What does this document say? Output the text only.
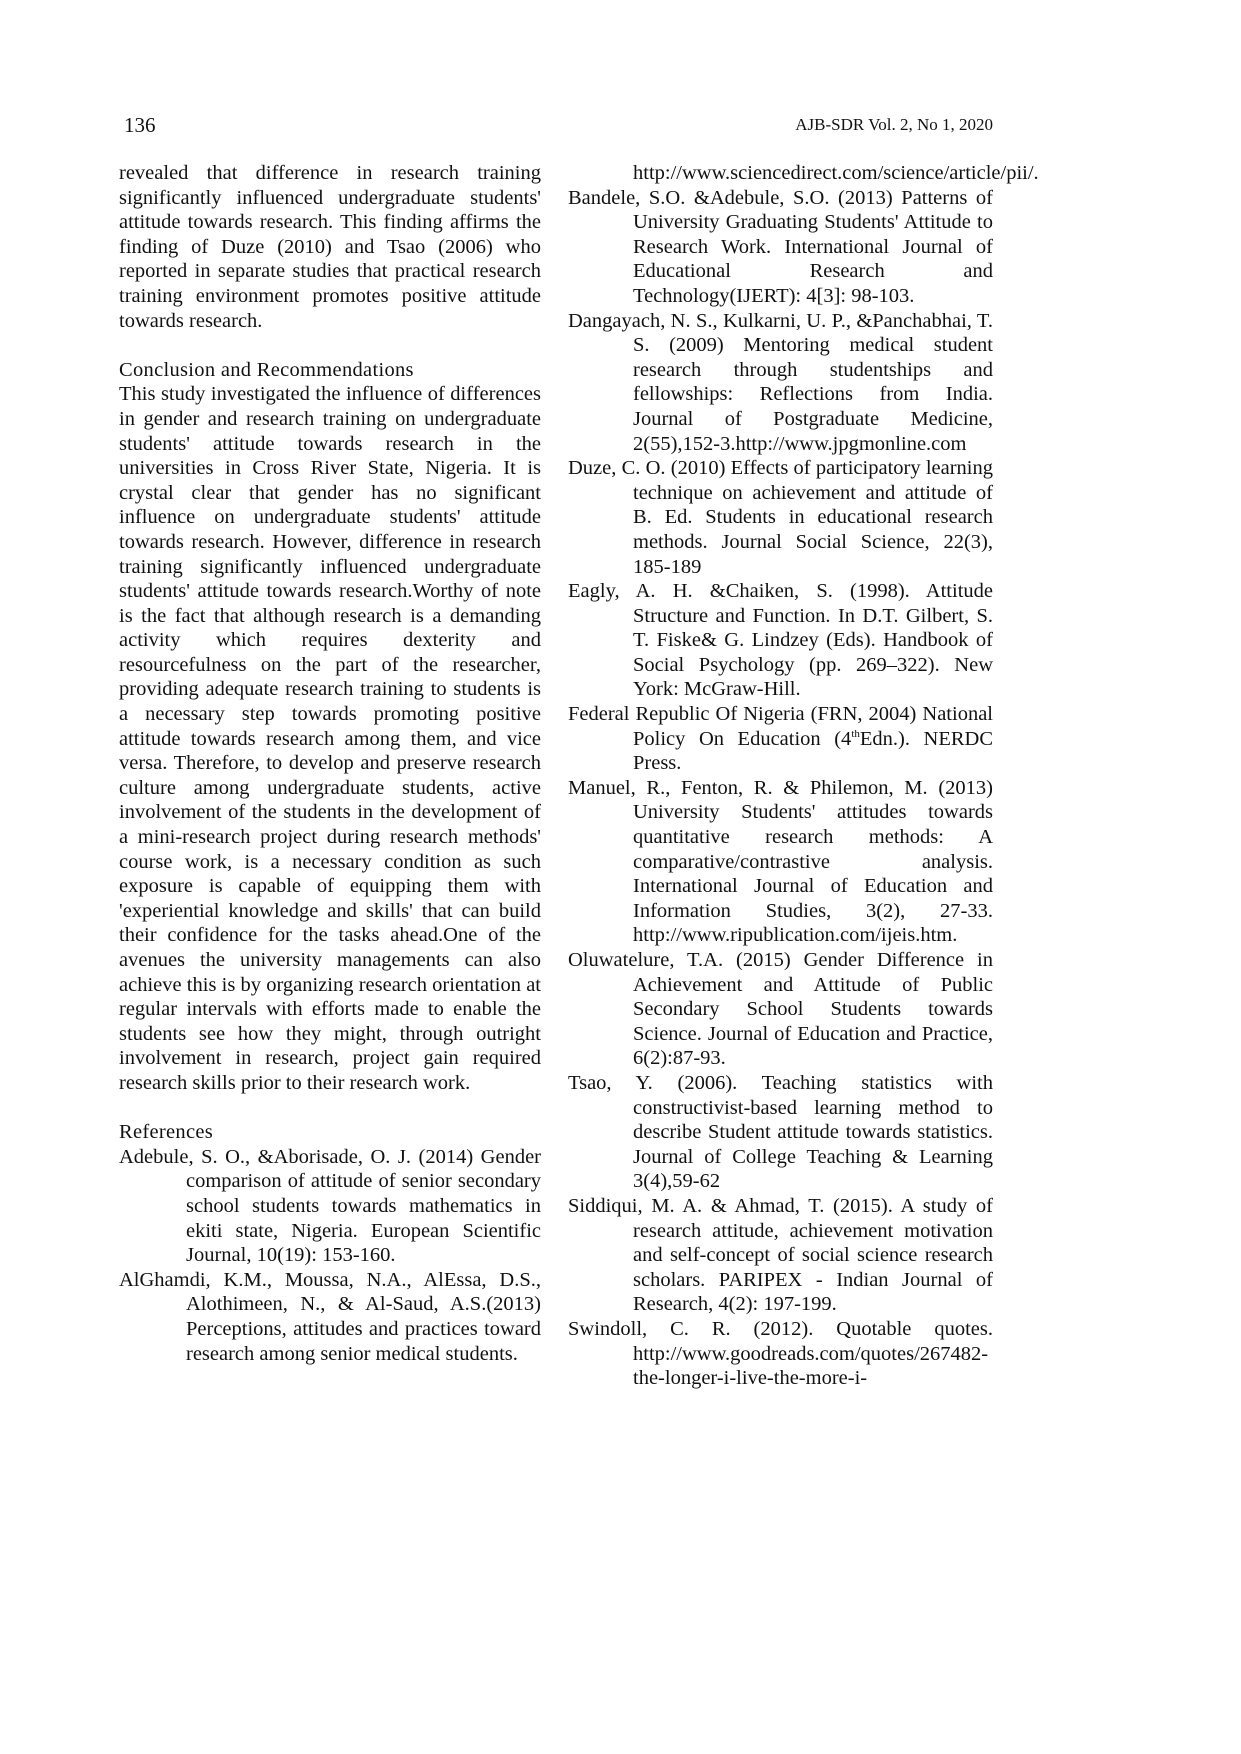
136	AJB-SDR Vol. 2, No 1, 2020

revealed that difference in research training significantly influenced undergraduate students' attitude towards research. This finding affirms the finding of Duze (2010) and Tsao (2006) who reported in separate studies that practical research training environment promotes positive attitude towards research.

Conclusion and Recommendations

This study investigated the influence of differences in gender and research training on undergraduate students' attitude towards research in the universities in Cross River State, Nigeria. It is crystal clear that gender has no significant influence on undergraduate students' attitude towards research. However, difference in research training significantly influenced undergraduate students' attitude towards research.Worthy of note is the fact that although research is a demanding activity which requires dexterity and resourcefulness on the part of the researcher, providing adequate research training to students is a necessary step towards promoting positive attitude towards research among them, and vice versa. Therefore, to develop and preserve research culture among undergraduate students, active involvement of the students in the development of a mini-research project during research methods' course work, is a necessary condition as such exposure is capable of equipping them with 'experiential knowledge and skills' that can build their confidence for the tasks ahead.One of the avenues the university managements can also achieve this is by organizing research orientation at regular intervals with efforts made to enable the students see how they might, through outright involvement in research, project gain required research skills prior to their research work.

References

Adebule, S. O., &Aborisade, O. J. (2014) Gender comparison of attitude of senior secondary school students towards mathematics in ekiti state, Nigeria. European Scientific Journal, 10(19): 153-160.

AlGhamdi, K.M., Moussa, N.A., AlEssa, D.S., Alothimeen, N., & Al-Saud, A.S.(2013) Perceptions, attitudes and practices toward research among senior medical students.

http://www.sciencedirect.com/science/article/pii/.

Bandele, S.O. &Adebule, S.O. (2013) Patterns of University Graduating Students' Attitude to Research Work. International Journal of Educational Research and Technology(IJERT): 4[3]: 98-103.

Dangayach, N. S., Kulkarni, U. P., &Panchabhai, T. S. (2009) Mentoring medical student research through studentships and fellowships: Reflections from India. Journal of Postgraduate Medicine, 2(55),152-3.http://www.jpgmonline.com

Duze, C. O. (2010) Effects of participatory learning technique on achievement and attitude of B. Ed. Students in educational research methods. Journal Social Science, 22(3), 185-189

Eagly, A. H. &Chaiken, S. (1998). Attitude Structure and Function. In D.T. Gilbert, S. T. Fiske& G. Lindzey (Eds). Handbook of Social Psychology (pp. 269–322). New York: McGraw-Hill.

Federal Republic Of Nigeria (FRN, 2004) National Policy On Education (4thEdn.). NERDC Press.

Manuel, R., Fenton, R. & Philemon, M. (2013) University Students' attitudes towards quantitative research methods: A comparative/contrastive analysis. International Journal of Education and Information Studies, 3(2), 27-33. http://www.ripublication.com/ijeis.htm.

Oluwatelure, T.A. (2015) Gender Difference in Achievement and Attitude of Public Secondary School Students towards Science. Journal of Education and Practice, 6(2):87-93.

Tsao, Y. (2006). Teaching statistics with constructivist-based learning method to describe Student attitude towards statistics. Journal of College Teaching & Learning 3(4),59-62

Siddiqui, M. A. & Ahmad, T. (2015). A study of research attitude, achievement motivation and self-concept of social science research scholars. PARIPEX - Indian Journal of Research, 4(2): 197-199.

Swindoll, C. R. (2012). Quotable quotes. http://www.goodreads.com/quotes/267482-the-longer-i-live-the-more-i-
